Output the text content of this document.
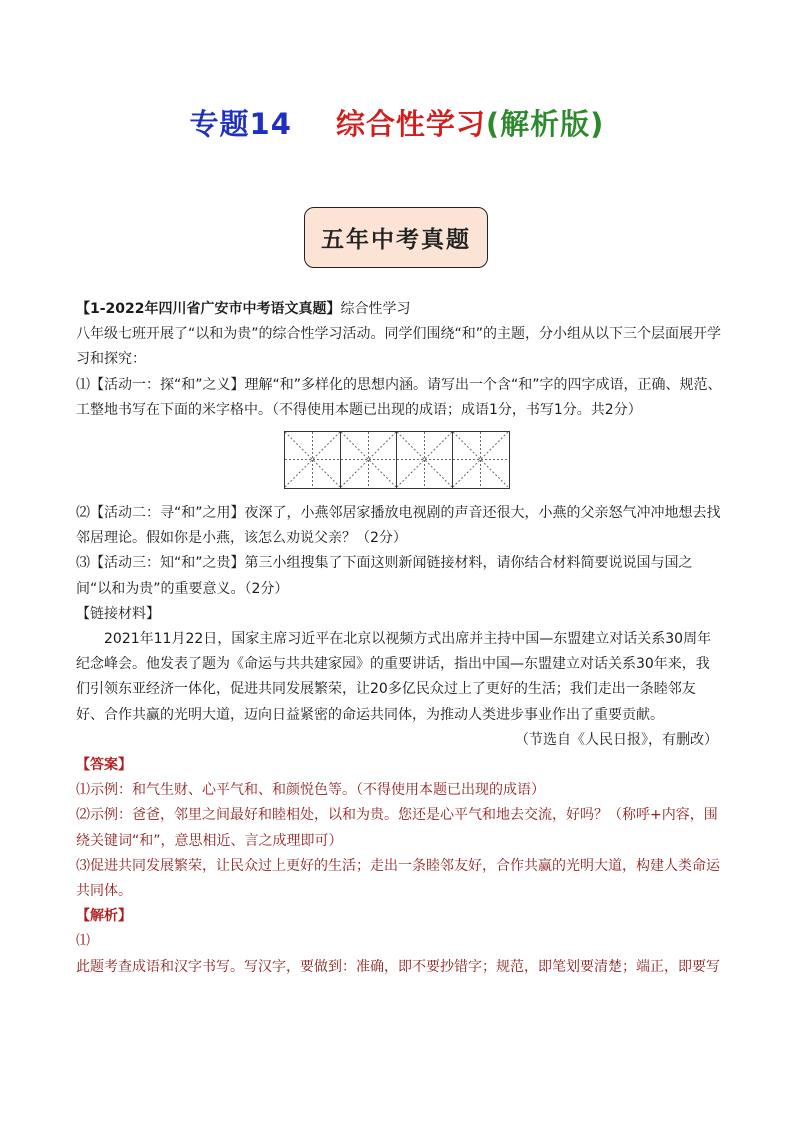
专题14 综合性学习(解析版)
五年中考真题

【1-2022年四川省广安市中考语文真题】综合性学习

八年级七班开展了“以和为贵”的综合性学习活动。同学们围绕“和”的主题，分小组从以下三个层面展开学习和探究：

⑴【活动一：探“和”之义】理解“和”多样化的思想内涵。请写出一个含“和”字的四字成语，正确、规范、工整地书写在下面的米字格中。（不得使用本题已出现的成语；成语1分，书写1分。共2分）

⑵【活动二：寻“和”之用】夜深了，小燕邻居家播放电视剧的声音还很大，小燕的父亲怒气冲冲地想去找邻居理论。假如你是小燕，该怎么劝说父亲？（2分）

⑶【活动三：知“和”之贵】第三小组搜集了下面这则新闻链接材料，请你结合材料简要说说国与国之间“以和为贵”的重要意义。（2分）

【链接材料】

2021年11月22日，国家主席习近平在北京以视频方式出席并主持中国—东盟建立对话关系30周年纪念峰会。他发表了题为《命运与共共建家园》的重要讲话，指出中国—东盟建立对话关系30年来，我们引领东亚经济一体化，促进共同发展繁荣，让20多亿民众过上了更好的生活；我们走出一条睦邻友好、合作共赢的光明大道，迈向日益紧密的命运共同体，为推动人类进步事业作出了重要贡献。

（节选自《人民日报》，有删改）

【答案】

⑴示例：和气生财、心平气和、和颜悦色等。（不得使用本题已出现的成语）

⑵示例：爸爸，邻里之间最好和睦相处，以和为贵。您还是心平气和地去交流，好吗？（称呼+内容，围绕关键词“和”，意思相近、言之成理即可）

⑶促进共同发展繁荣，让民众过上更好的生活；走出一条睦邻友好，合作共赢的光明大道，构建人类命运共同体。

【解析】

⑴

此题考查成语和汉字书写。写汉字，要做到：准确，即不要抄错字；规范，即笔划要清楚；端正，即要写
